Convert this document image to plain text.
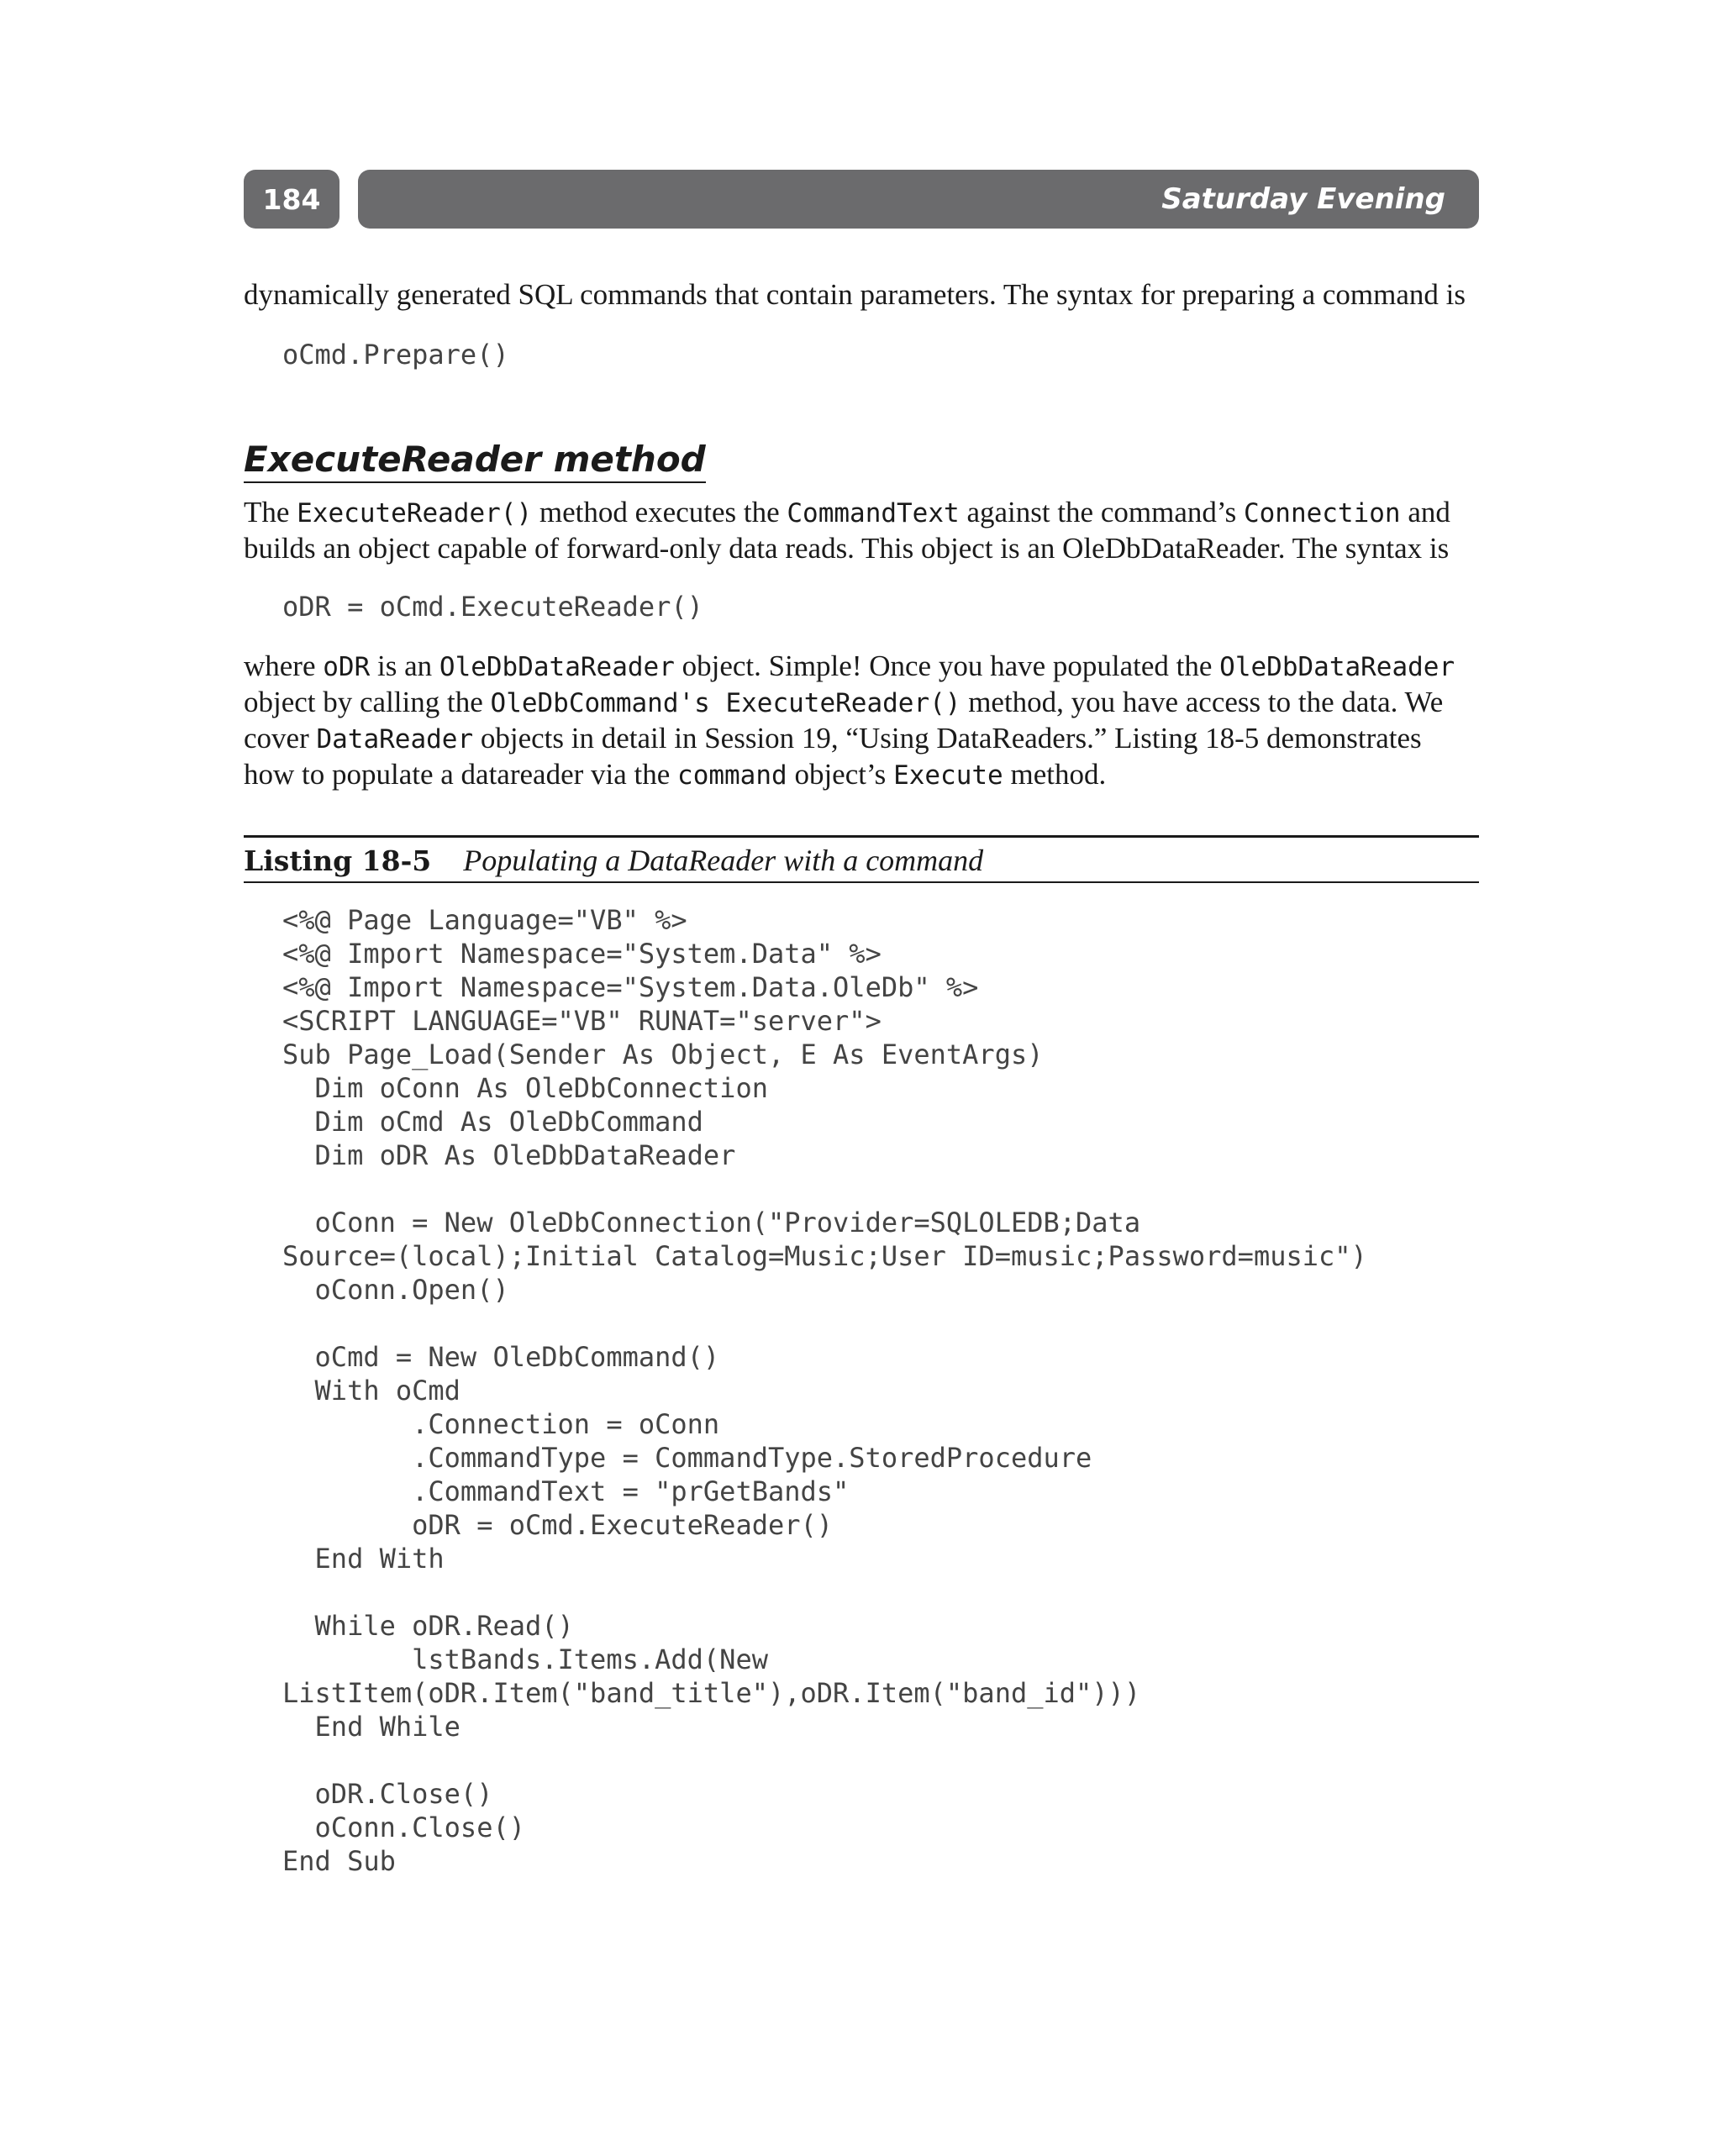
184	Saturday Evening

dynamically generated SQL commands that contain parameters. The syntax for preparing a command is

oCmd.Prepare()
ExecuteReader method

The ExecuteReader() method executes the CommandText against the command’s Connection and builds an object capable of forward-only data reads. This object is an OleDbDataReader. The syntax is

oDR = oCmd.ExecuteReader()

where oDR is an OleDbDataReader object. Simple! Once you have populated the OleDbDataReader object by calling the OleDbCommand's ExecuteReader() method, you have access to the data. We cover DataReader objects in detail in Session 19, “Using DataReaders.” Listing 18-5 demonstrates how to populate a datareader via the command object’s Execute method.

Listing 18-5 Populating a DataReader with a command
<%@ Page Language="VB" %>
<%@ Import Namespace="System.Data" %>
<%@ Import Namespace="System.Data.OleDb" %>
<SCRIPT LANGUAGE="VB" RUNAT="server">
Sub Page_Load(Sender As Object, E As EventArgs)
Dim oConn As OleDbConnection
Dim oCmd As OleDbCommand
Dim oDR As OleDbDataReader

oConn = New OleDbConnection("Provider=SQLOLEDB;Data
Source=(local);Initial Catalog=Music;User ID=music;Password=music")
oConn.Open()

oCmd = New OleDbCommand()
With oCmd
.Connection = oConn
.CommandType = CommandType.StoredProcedure
.CommandText = "prGetBands"
oDR = oCmd.ExecuteReader()
End With

While oDR.Read()
lstBands.Items.Add(New
ListItem(oDR.Item("band_title"),oDR.Item("band_id")))
End While

oDR.Close()
oConn.Close()
End Sub
